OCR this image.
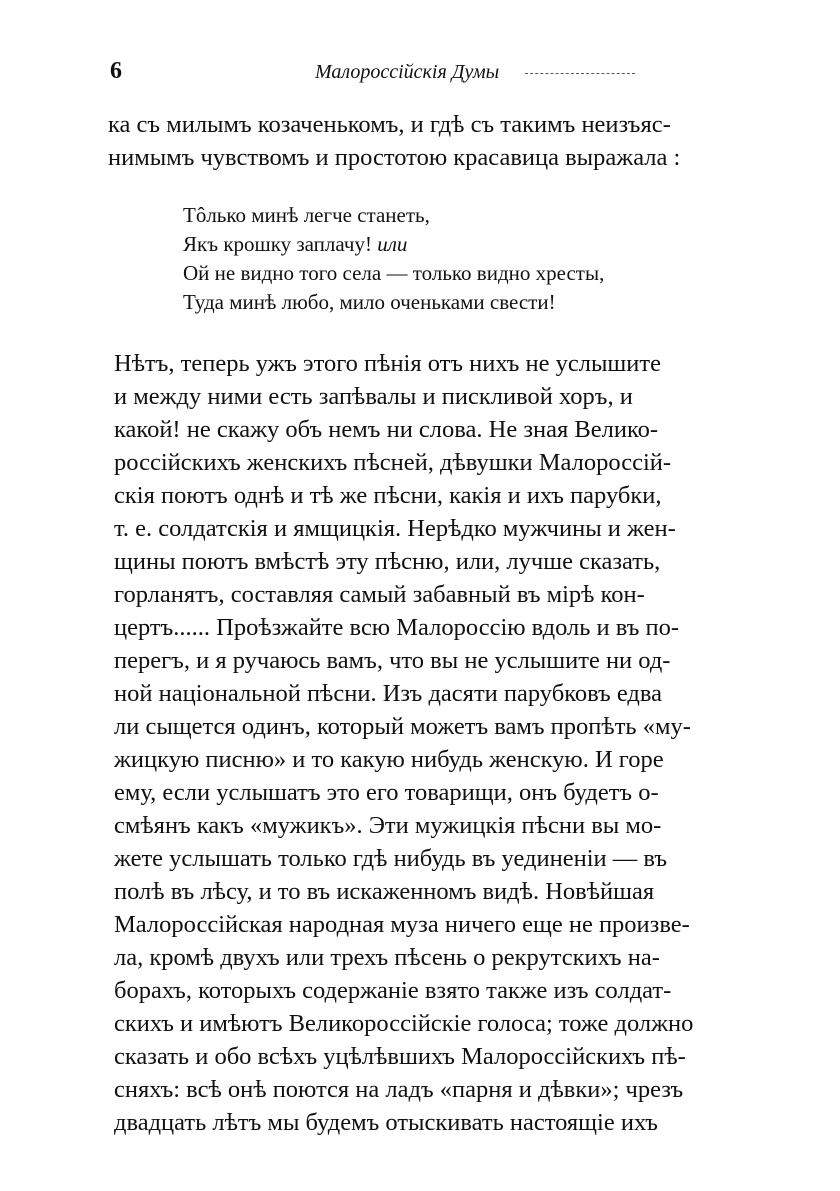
6	Малороссійскія Думы
ка съ милымъ козаченькомъ, и гдѣ съ такимъ неизъяс-
нимымъ чувствомъ и простотою красавица выражала :
Тôлько минѣ легче станеть,
Якъ крошку заплачу! или
Ой не видно того села — только видно хресты,
Туда минѣ любо, мило оченьками свести!
Нѣтъ, теперь ужъ этого пѣнія отъ нихъ не услышите
и между ними есть запѣвалы и пискливой хоръ, и
какой! не скажу объ немъ ни слова. Не зная Велико-
россійскихъ женскихъ пѣсней, дѣвушки Малороссій-
скія поютъ однѣ и тѣ же пѣсни, какія и ихъ парубки,
т. е. солдатскія и ямщицкія. Нерѣдко мужчины и жен-
щины поютъ вмѣстѣ эту пѣсню, или, лучше сказать,
горланятъ, составляя самый забавный въ мірѣ кон-
цертъ...... Проѣзжайте всю Малороссію вдоль и въ по-
перегъ, и я ручаюсь вамъ, что вы не услышите ни од-
ной національной пѣсни. Изъ дасяти парубковъ едва
ли сыщется одинъ, который можетъ вамъ пропѣть «му-
жицкую писню» и то какую нибудь женскую. И горе
ему, если услышатъ это его товарищи, онъ будетъ о-
смѣянъ какъ «мужикъ». Эти мужицкія пѣсни вы мо-
жете услышать только гдѣ нибудь въ уединеніи — въ
полѣ въ лѣсу, и то въ искаженномъ видѣ. Новѣйшая
Малороссійская народная муза ничего еще не произве-
ла, кромѣ двухъ или трехъ пѣсень о рекрутскихъ на-
борахъ, которыхъ содержаніе взято также изъ солдат-
скихъ и имѣютъ Великороссійскіе голоса; тоже должно
сказать и обо всѣхъ уцѣлѣвшихъ Малороссійскихъ пѣ-
сняхъ: всѣ онѣ поются на ладъ «парня и дѣвки»; чрезъ
двадцать лѣтъ мы будемъ отыскивать настоящіе ихъ
